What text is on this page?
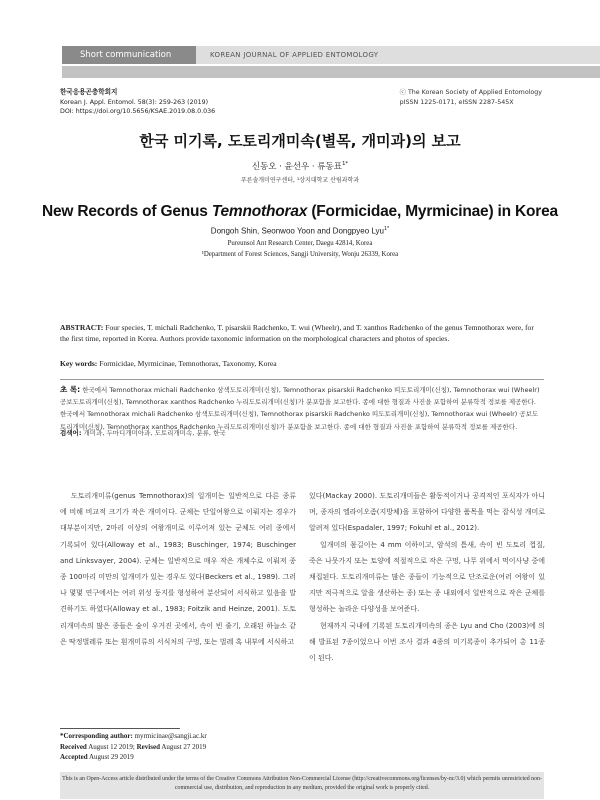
Short communication	KOREAN JOURNAL OF APPLIED ENTOMOLOGY
한국응용곤충학회지
Korean J. Appl. Entomol. 58(3): 259-263 (2019)
DOI: https://doi.org/10.5656/KSAE.2019.08.0.036
ⓒ The Korean Society of Applied Entomology
pISSN 1225-0171, eISSN 2287-545X
한국 미기록, 도토리개미속(별목, 개미과)의 보고
신동오 · 윤선우 · 류동표$^{1*}$
푸른솔개미연구센터, ¹상지대학교 산림과학과
New Records of Genus Temnothorax (Formicidae, Myrmicinae) in Korea
Dongoh Shin, Seonwoo Yoon and Dongpyeo Lyu$^{1*}$
Pureunsol Ant Research Center, Daegu 42814, Korea
¹Department of Forest Sciences, Sangji University, Wonju 26339, Korea
ABSTRACT: Four species, T. michali Radchenko, T. pisarskii Radchenko, T. wui (Wheelr), and T. xanthos Radchenko of the genus Temnothorax were, for the first time, reported in Korea. Authors provide taxonomic information on the morphological characters and photos of species.
Key words: Formicidae, Myrmicinae, Temnothorax, Taxonomy, Korea
초 록: 한국에서 Temnothorax michali Radchenko 삼색도토리개미(신칭), Temnothorax pisarskii Radchenko 띠도토리개미(신칭), Temnothorax wui (Wheelr) 공보도토리개미(신칭), Temnothorax xanthos Radchenko 누리도토리개미(신칭)가 분포함을 보고한다. 종에 대한 형질과 사진을 포함하여 분류학적 정보를 제공한다. 한국에서 Temnothorax michali Radchenko 삼색도토리개미(신칭), Temnothorax pisarskii Radchenko 띠도토리개미(신칭), Temnothorax wui (Wheelr) 공보도토리개미(신칭), Temnothorax xanthos Radchenko 누리도토리개미(신칭)가 분포함을 보고한다. 종에 대한 형질과 사진을 포함하여 분류학적 정보를 제공한다.
검색어: 개미과, 두마디개미아과, 도토리개미속, 분류, 한국

도토리개미류(genus Temnothorax)의 일개미는 일반적으로 다른 종류에 비해 비교적 크기가 작은 개미이다. 군체는 단일여왕으로 이뤄지는 경우가 대부분이지만, 2마리 이상의 여왕개미로 이루어져 있는 군체도 여러 종에서 기록되어 있다(Alloway et al., 1983; Buschinger, 1974; Buschinger and Linksvayer, 2004). 군체는 일반적으로 매우 작은 개체수로 이뤄져 종종 100마리 미만의 일개미가 있는 경우도 있다(Beckers et al., 1989). 그러나 몇몇 연구에서는 여러 위성 둥지를 형성하여 분산되어 서식하고 있음을 발견하기도 하였다(Alloway et al., 1983; Foitzik and Heinze, 2001). 도토리개미속의 많은 종들은 숲이 우거진 곳에서, 속이 빈 줄기, 오래된 하늘소 같은 딱정벌레류 또는 흰개미류의 서식처의 구멍, 또는 벌레 혹 내부에 서식하고

있다(Mackay 2000). 도토리개미들은 활동적이거나 공격적인 포식자가 아니며, 종자의 엘라이오좀(지방체)을 포함하여 다양한 품목을 먹는 잡식성 개미로 알려져 있다(Espadaler, 1997; Fokuhl et al., 2012).

일개미의 몸길이는 4 mm 이하이고, 암석의 틈새, 속이 빈 도토리 껍질, 죽은 나뭇가지 또는 토양에 적절적으로 작은 구멍, 나무 위에서 먹이사냥 중에 채집된다. 도토리개미류는 많은 종들이 기능적으로 단조로운(여러 여왕이 있지만 적극적으로 알을 생산하는 종) 또는 종 내외에서 일반적으로 작은 군체를 형성하는 놀라운 다양성을 보여준다.

현재까지 국내에 기록된 도토리개미속의 종은 Lyu and Cho (2003)에 의해 발표된 7종이었으나 이번 조사 결과 4종의 미기록종이 추가되어 총 11종이 된다.

*Corresponding author: myrmicinae@sangji.ac.kr
Received August 12 2019; Revised August 27 2019
Accepted August 29 2019
This is an Open-Access article distributed under the terms of the Creative Commons Attribution Non-Commercial License (http://creativecommons.org/licenses/by-nc/3.0) which permits unrestricted non-commercial use, distribution, and reproduction in any medium, provided the original work is properly cited.
